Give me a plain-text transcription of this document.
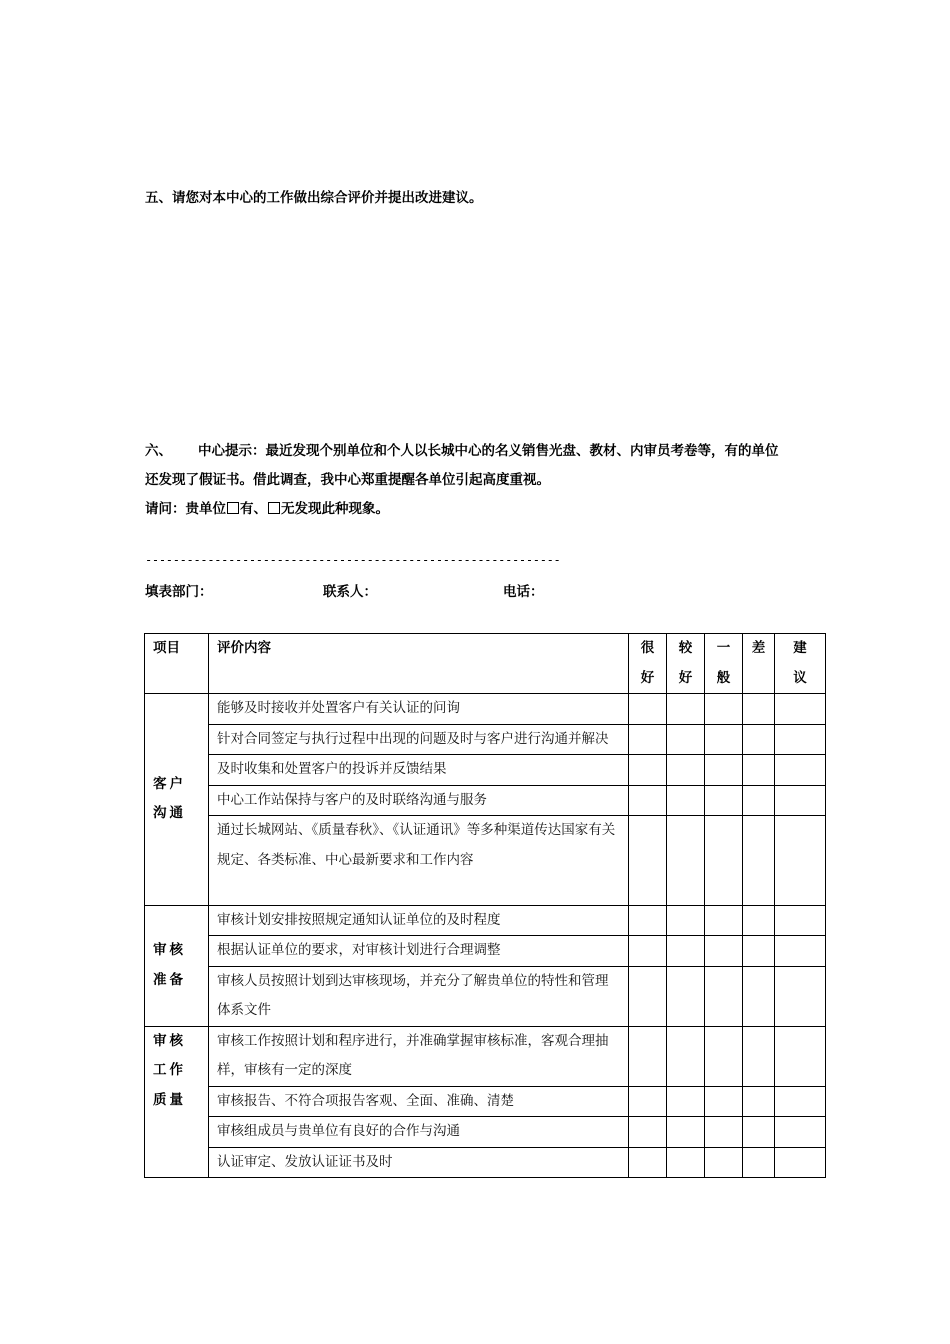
五、请您对本中心的工作做出综合评价并提出改进建议。
六、 中心提示：最近发现个别单位和个人以长城中心的名义销售光盘、教材、内审员考卷等，有的单位
还发现了假证书。借此调查，我中心郑重提醒各单位引起高度重视。
请问：贵单位 有、 无发现此种现象。
------------------------------------------------------------
填表部门：	联系人：	电话：
项目	评价内容	很好	较好	一般	差	建议

客户沟通	能够及时接收并处置客户有关认证的问询					
	针对合同签定与执行过程中出现的问题及时与客户进行沟通并解决					
	及时收集和处置客户的投诉并反馈结果					
	中心工作站保持与客户的及时联络沟通与服务					
	通过长城网站、《质量春秋》、《认证通讯》等多种渠道传达国家有关规定、各类标准、中心最新要求和工作内容					
审核准备	审核计划安排按照规定通知认证单位的及时程度					
	根据认证单位的要求，对审核计划进行合理调整					
	审核人员按照计划到达审核现场，并充分了解贵单位的特性和管理体系文件					
审核工作质量	审核工作按照计划和程序进行，并准确掌握审核标准，客观合理抽样，审核有一定的深度					
	审核报告、不符合项报告客观、全面、准确、清楚					
	审核组成员与贵单位有良好的合作与沟通					
	认证审定、发放认证证书及时					
